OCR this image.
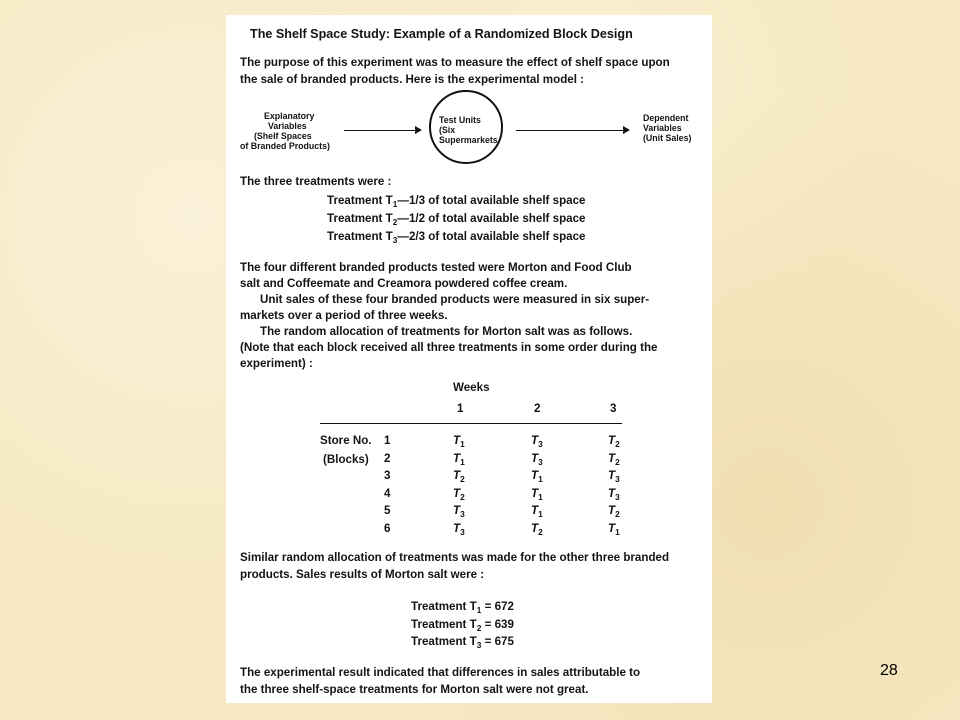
The Shelf Space Study: Example of a Randomized Block Design
The purpose of this experiment was to measure the effect of shelf space upon
the sale of branded products. Here is the experimental model :
Explanatory
Variables
(Shelf Spaces
of Branded Products)
Test Units
(Six
Supermarkets
Dependent
Variables
(Unit Sales)
The three treatments were :
Treatment $T_1—1/3$ of total available shelf space
Treatment $T_2—1/2$ of total available shelf space
Treatment $T_3—2/3$ of total available shelf space
The four different branded products tested were Morton and Food Club
salt and Coffeemate and Creamora powdered coffee cream.
Unit sales of these four branded products were measured in six super-
markets over a period of three weeks.
The random allocation of treatments for Morton salt was as follows.
(Note that each block received all three treatments in some order during the
experiment) :
Weeks
1	2	3
Store No.
(Blocks)
1	$T_1$	$T_3$	$T_2$
2	$T_1$	$T_3$	$T_2$
3	$T_2$	$T_1$	$T_3$
4	$T_2$	$T_1$	$T_3$
5	$T_3$	$T_1$	$T_2$
6	$T_3$	$T_2$	$T_1$
Similar random allocation of treatments was made for the other three branded
products. Sales results of Morton salt were :
Treatment $T_1 = 672$
Treatment $T_2 = 639$
Treatment $T_3 = 675$
The experimental result indicated that differences in sales attributable to
the three shelf-space treatments for Morton salt were not great.
28
